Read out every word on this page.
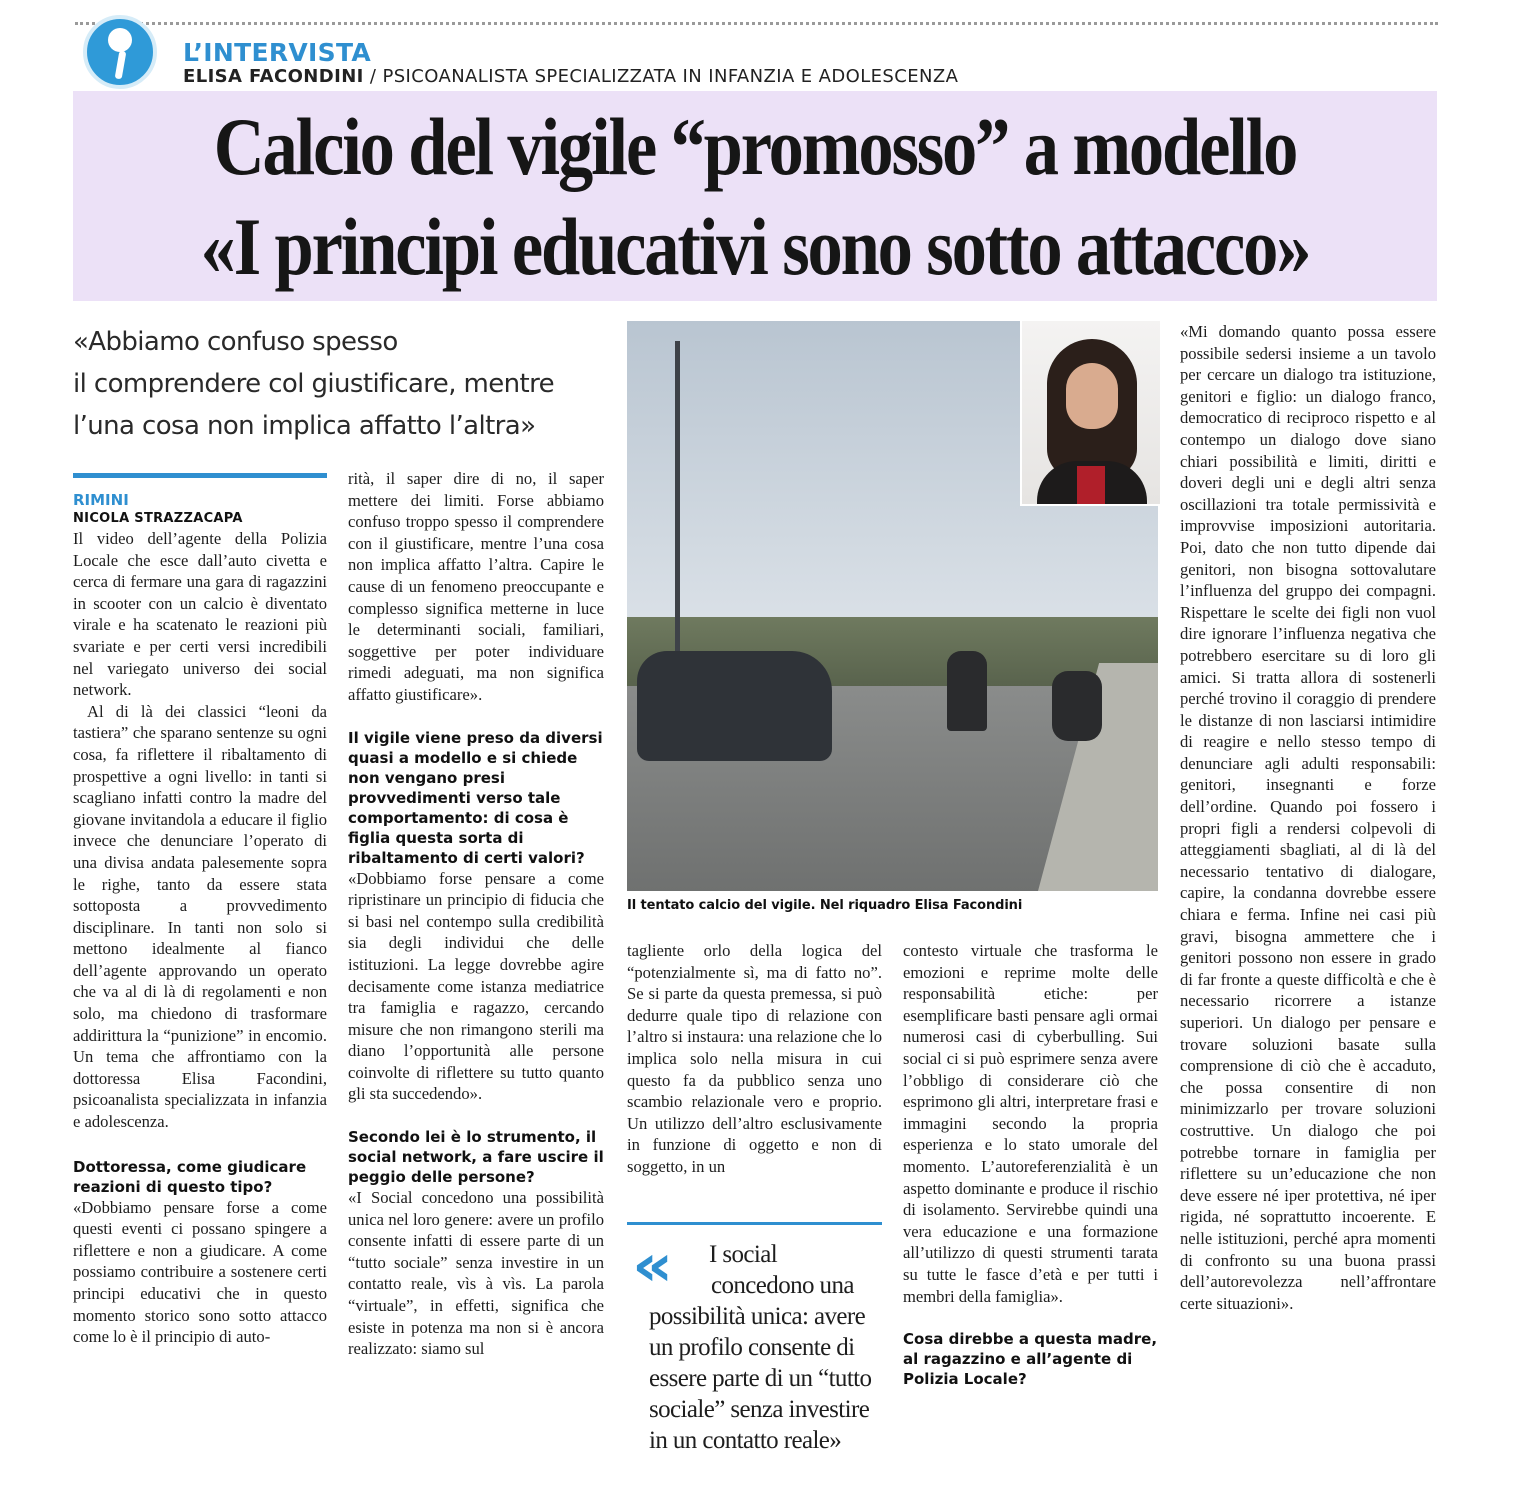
L’INTERVISTA
ELISA FACONDINI / PSICOANALISTA SPECIALIZZATA IN INFANZIA E ADOLESCENZA
Calcio del vigile “promosso” a modello
«I principi educativi sono sotto attacco»
«Abbiamo confuso spesso
il comprendere col giustificare, mentre
l’una cosa non implica affatto l’altra»

RIMINI

NICOLA STRAZZACAPA

Il video dell’agente della Polizia Locale che esce dall’auto civetta e cerca di fermare una gara di ragazzini in scooter con un calcio è diventato virale e ha scatenato le reazioni più svariate e per certi versi incredibili nel variegato universo dei social network.

Al di là dei classici “leoni da tastiera” che sparano sentenze su ogni cosa, fa riflettere il ribaltamento di prospettive a ogni livello: in tanti si scagliano infatti contro la madre del giovane invitandola a educare il figlio invece che denunciare l’operato di una divisa andata palesemente sopra le righe, tanto da essere stata sottoposta a provvedimento disciplinare. In tanti non solo si mettono idealmente al fianco dell’agente approvando un operato che va al di là di regolamenti e non solo, ma chiedono di trasformare addirittura la “punizione” in encomio. Un tema che affrontiamo con la dottoressa Elisa Facondini, psicoanalista specializzata in infanzia e adolescenza.

Dottoressa, come giudicare reazioni di questo tipo?

«Dobbiamo pensare forse a come questi eventi ci possano spingere a riflettere e non a giudicare. A come possiamo contribuire a sostenere certi principi educativi che in questo momento storico sono sotto attacco come lo è il principio di auto-

rità, il saper dire di no, il saper mettere dei limiti. Forse abbiamo confuso troppo spesso il comprendere con il giustificare, mentre l’una cosa non implica affatto l’altra. Capire le cause di un fenomeno preoccupante e complesso significa metterne in luce le determinanti sociali, familiari, soggettive per poter individuare rimedi adeguati, ma non significa affatto giustificare».

Il vigile viene preso da diversi quasi a modello e si chiede non vengano presi provvedimenti verso tale comportamento: di cosa è figlia questa sorta di ribaltamento di certi valori?

«Dobbiamo forse pensare a come ripristinare un principio di fiducia che si basi nel contempo sulla credibilità sia degli individui che delle istituzioni. La legge dovrebbe agire decisamente come istanza mediatrice tra famiglia e ragazzo, cercando misure che non rimangono sterili ma diano l’opportunità alle persone coinvolte di riflettere su tutto quanto gli sta succedendo».

Secondo lei è lo strumento, il social network, a fare uscire il peggio delle persone?

«I Social concedono una possibilità unica nel loro genere: avere un profilo consente infatti di essere parte di un “tutto sociale” senza investire in un contatto reale, vìs à vìs. La parola “virtuale”, in effetti, significa che esiste in potenza ma non si è ancora realizzato: siamo sul

Il tentato calcio del vigile. Nel riquadro Elisa Facondini

tagliente orlo della logica del “potenzialmente sì, ma di fatto no”. Se si parte da questa premessa, si può dedurre quale tipo di relazione con l’altro si instaura: una relazione che lo implica solo nella misura in cui questo fa da pubblico senza uno scambio relazionale vero e proprio. Un utilizzo dell’altro esclusivamente in funzione di oggetto e non di soggetto, in un

«	I social
concedono una
possibilità unica: avere
un profilo consente di
essere parte di un “tutto
sociale” senza investire
in un contatto reale»

contesto virtuale che trasforma le emozioni e reprime molte delle responsabilità etiche: per esemplificare basti pensare agli ormai numerosi casi di cyberbulling. Sui social ci si può esprimere senza avere l’obbligo di considerare ciò che esprimono gli altri, interpretare frasi e immagini secondo la propria esperienza e lo stato umorale del momento. L’autoreferenzialità è un aspetto dominante e produce il rischio di isolamento. Servirebbe quindi una vera educazione e una formazione all’utilizzo di questi strumenti tarata su tutte le fasce d’età e per tutti i membri della famiglia».

Cosa direbbe a questa madre, al ragazzino e all’agente di Polizia Locale?

«Mi domando quanto possa essere possibile sedersi insieme a un tavolo per cercare un dialogo tra istituzione, genitori e figlio: un dialogo franco, democratico di reciproco rispetto e al contempo un dialogo dove siano chiari possibilità e limiti, diritti e doveri degli uni e degli altri senza oscillazioni tra totale permissività e improvvise imposizioni autoritaria. Poi, dato che non tutto dipende dai genitori, non bisogna sottovalutare l’influenza del gruppo dei compagni. Rispettare le scelte dei figli non vuol dire ignorare l’influenza negativa che potrebbero esercitare su di loro gli amici. Si tratta allora di sostenerli perché trovino il coraggio di prendere le distanze di non lasciarsi intimidire di reagire e nello stesso tempo di denunciare agli adulti responsabili: genitori, insegnanti e forze dell’ordine. Quando poi fossero i propri figli a rendersi colpevoli di atteggiamenti sbagliati, al di là del necessario tentativo di dialogare, capire, la condanna dovrebbe essere chiara e ferma. Infine nei casi più gravi, bisogna ammettere che i genitori possono non essere in grado di far fronte a queste difficoltà e che è necessario ricorrere a istanze superiori. Un dialogo per pensare e trovare soluzioni basate sulla comprensione di ciò che è accaduto, che possa consentire di non minimizzarlo per trovare soluzioni costruttive. Un dialogo che poi potrebbe tornare in famiglia per riflettere su un’educazione che non deve essere né iper protettiva, né iper rigida, né soprattutto incoerente. E nelle istituzioni, perché apra momenti di confronto su una buona prassi dell’autorevolezza nell’affrontare certe situazioni».
